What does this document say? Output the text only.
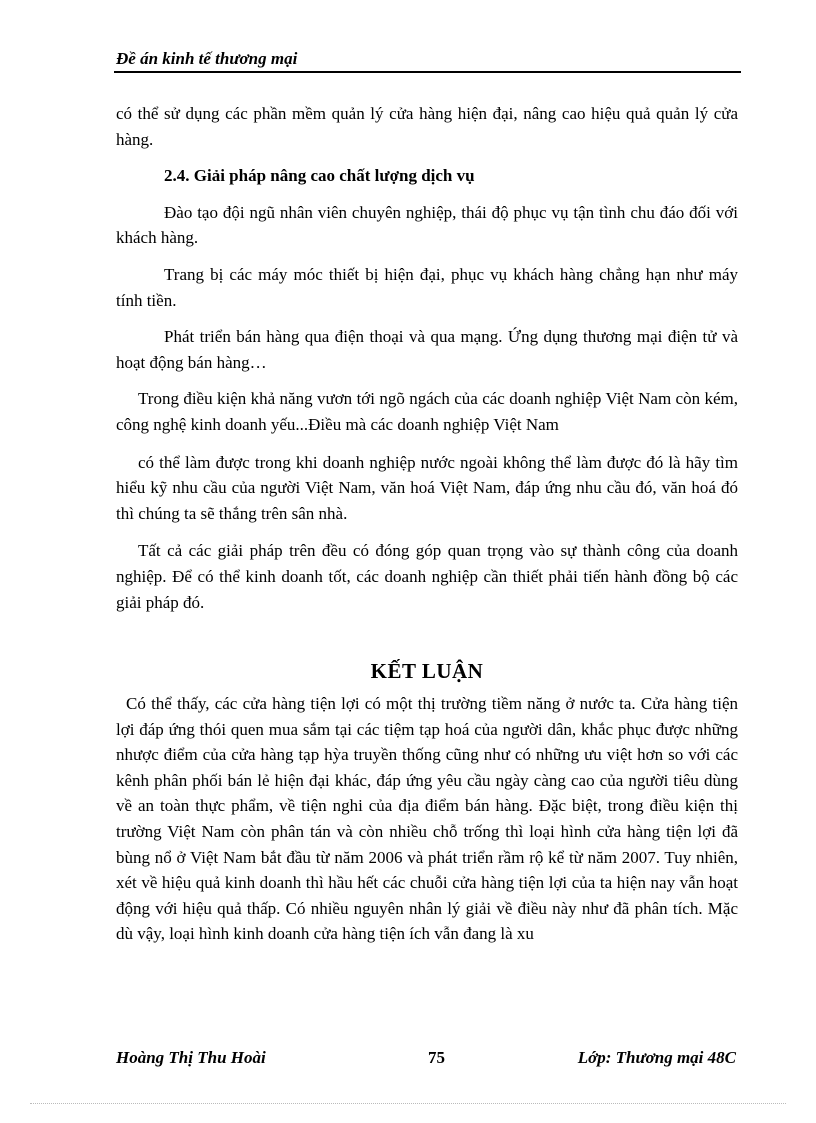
Đề án kinh tế thương mại

có thể sử dụng các phần mềm quản lý cửa hàng hiện đại, nâng cao hiệu quả quản lý cửa hàng.

2.4. Giải pháp nâng cao chất lượng dịch vụ

Đào tạo đội ngũ nhân viên chuyên nghiệp, thái độ phục vụ tận tình chu đáo đối với khách hàng.

Trang bị các máy móc thiết bị hiện đại, phục vụ khách hàng chẳng hạn như máy tính tiền.

Phát triển bán hàng qua điện thoại và qua mạng. Ứng dụng thương mại điện tử và hoạt động bán hàng…

Trong điều kiện khả năng vươn tới ngõ ngách của các doanh nghiệp Việt Nam còn kém, công nghệ kinh doanh yếu...Điều mà các doanh nghiệp Việt Nam

có thể làm được trong khi doanh nghiệp nước ngoài không thể làm được đó là hãy tìm hiểu kỹ nhu cầu của người Việt Nam, văn hoá Việt Nam, đáp ứng nhu cầu đó, văn hoá đó thì chúng ta sẽ thắng trên sân nhà.

Tất cả các giải pháp trên đều có đóng góp quan trọng vào sự thành công của doanh nghiệp. Để có thể kinh doanh tốt, các doanh nghiệp cần thiết phải tiến hành đồng bộ các giải pháp đó.

KẾT LUẬN

Có thể thấy, các cửa hàng tiện lợi có một thị trường tiềm năng ở nước ta. Cửa hàng tiện lợi đáp ứng thói quen mua sắm tại các tiệm tạp hoá của người dân, khắc phục được những nhược điểm của cửa hàng tạp hỳa truyền thống cũng như có những ưu việt hơn so với các kênh phân phối bán lẻ hiện đại khác, đáp ứng yêu cầu ngày càng cao của người tiêu dùng về an toàn thực phẩm, về tiện nghi của địa điểm bán hàng. Đặc biệt, trong điều kiện thị trường Việt Nam còn phân tán và còn nhiều chỗ trống thì loại hình cửa hàng tiện lợi đã bùng nổ ở Việt Nam bắt đầu từ năm 2006 và phát triển rầm rộ kể từ năm 2007. Tuy nhiên, xét về hiệu quả kinh doanh thì hầu hết các chuỗi cửa hàng tiện lợi của ta hiện nay vẫn hoạt động với hiệu quả thấp. Có nhiều nguyên nhân lý giải về điều này như đã phân tích. Mặc dù vậy, loại hình kinh doanh cửa hàng tiện ích vẫn đang là xu

Hoàng Thị Thu Hoài	75	Lớp: Thương mại 48C
